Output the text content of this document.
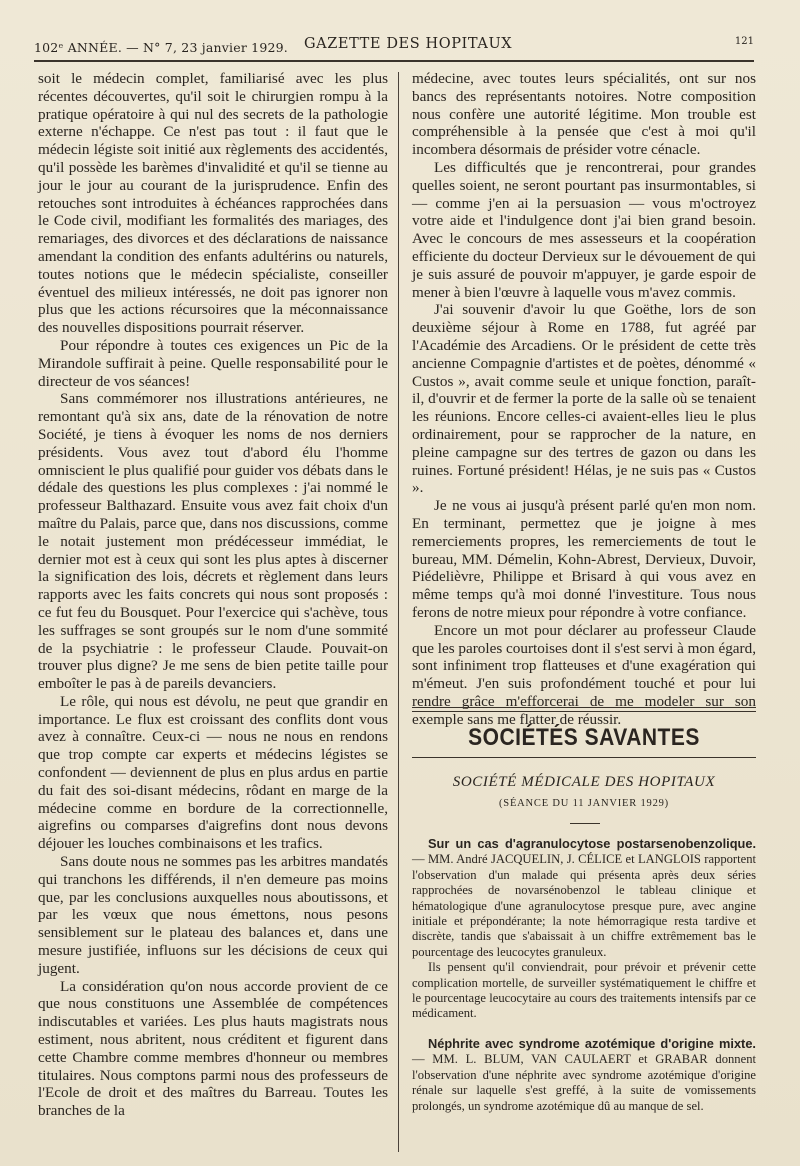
102ᵉ ANNÉE. — N° 7, 23 janvier 1929. GAZETTE DES HOPITAUX	121

soit le médecin complet, familiarisé avec les plus récentes découvertes, qu'il soit le chirurgien rompu à la pratique opératoire à qui nul des secrets de la pathologie externe n'échappe. Ce n'est pas tout : il faut que le médecin légiste soit initié aux règlements des accidentés, qu'il possède les barèmes d'invalidité et qu'il se tienne au jour le jour au courant de la jurisprudence. Enfin des retouches sont introduites à échéances rapprochées dans le Code civil, modifiant les formalités des mariages, des remariages, des divorces et des déclarations de naissance amendant la condition des enfants adultérins ou naturels, toutes notions que le médecin spécialiste, conseiller éventuel des milieux intéressés, ne doit pas ignorer non plus que les actions récursoires que la méconnaissance des nouvelles dispositions pourrait réserver.

Pour répondre à toutes ces exigences un Pic de la Mirandole suffirait à peine. Quelle responsabilité pour le directeur de vos séances!

Sans commémorer nos illustrations antérieures, ne remontant qu'à six ans, date de la rénovation de notre Société, je tiens à évoquer les noms de nos derniers présidents. Vous avez tout d'abord élu l'homme omniscient le plus qualifié pour guider vos débats dans le dédale des questions les plus complexes : j'ai nommé le professeur Balthazard. Ensuite vous avez fait choix d'un maître du Palais, parce que, dans nos discussions, comme le notait justement mon prédécesseur immédiat, le dernier mot est à ceux qui sont les plus aptes à discerner la signification des lois, décrets et règlement dans leurs rapports avec les faits concrets qui nous sont proposés : ce fut feu du Bousquet. Pour l'exercice qui s'achève, tous les suffrages se sont groupés sur le nom d'une sommité de la psychiatrie : le professeur Claude. Pouvait-on trouver plus digne? Je me sens de bien petite taille pour emboîter le pas à de pareils devanciers.

Le rôle, qui nous est dévolu, ne peut que grandir en importance. Le flux est croissant des conflits dont vous avez à connaître. Ceux-ci — nous ne nous en rendons que trop compte car experts et médecins légistes se confondent — deviennent de plus en plus ardus en partie du fait des soi-disant médecins, rôdant en marge de la médecine comme en bordure de la correctionnelle, aigrefins ou comparses d'aigrefins dont nous devons déjouer les louches combinaisons et les trafics.

Sans doute nous ne sommes pas les arbitres mandatés qui tranchons les différends, il n'en demeure pas moins que, par les conclusions auxquelles nous aboutissons, et par les vœux que nous émettons, nous pesons sensiblement sur le plateau des balances et, dans une mesure justifiée, influons sur les décisions de ceux qui jugent.

La considération qu'on nous accorde provient de ce que nous constituons une Assemblée de compétences indiscutables et variées. Les plus hauts magistrats nous estiment, nous abritent, nous créditent et figurent dans cette Chambre comme membres d'honneur ou membres titulaires. Nous comptons parmi nous des professeurs de l'Ecole de droit et des maîtres du Barreau. Toutes les branches de la

médecine, avec toutes leurs spécialités, ont sur nos bancs des représentants notoires. Notre composition nous confère une autorité légitime. Mon trouble est compréhensible à la pensée que c'est à moi qu'il incombera désormais de présider votre cénacle.

Les difficultés que je rencontrerai, pour grandes quelles soient, ne seront pourtant pas insurmontables, si — comme j'en ai la persuasion — vous m'octroyez votre aide et l'indulgence dont j'ai bien grand besoin. Avec le concours de mes assesseurs et la coopération efficiente du docteur Dervieux sur le dévouement de qui je suis assuré de pouvoir m'appuyer, je garde espoir de mener à bien l'œuvre à laquelle vous m'avez commis.

J'ai souvenir d'avoir lu que Goëthe, lors de son deuxième séjour à Rome en 1788, fut agréé par l'Académie des Arcadiens. Or le président de cette très ancienne Compagnie d'artistes et de poètes, dénommé « Custos », avait comme seule et unique fonction, paraît-il, d'ouvrir et de fermer la porte de la salle où se tenaient les réunions. Encore celles-ci avaient-elles lieu le plus ordinairement, pour se rapprocher de la nature, en pleine campagne sur des tertres de gazon ou dans les ruines. Fortuné président! Hélas, je ne suis pas « Custos ».

Je ne vous ai jusqu'à présent parlé qu'en mon nom. En terminant, permettez que je joigne à mes remerciements propres, les remerciements de tout le bureau, MM. Démelin, Kohn-Abrest, Dervieux, Duvoir, Piédelièvre, Philippe et Brisard à qui vous avez en même temps qu'à moi donné l'investiture. Tous nous ferons de notre mieux pour répondre à votre confiance.

Encore un mot pour déclarer au professeur Claude que les paroles courtoises dont il s'est servi à mon égard, sont infiniment trop flatteuses et d'une exagération qui m'émeut. J'en suis profondément touché et pour lui rendre grâce m'efforcerai de me modeler sur son exemple sans me flatter de réussir.

SOCIÉTÉS SAVANTES
SOCIÉTÉ MÉDICALE DES HOPITAUX
(SÉANCE DU 11 JANVIER 1929)

Sur un cas d'agranulocytose postarsenobenzolique. — MM. André JACQUELIN, J. CÉLICE et LANGLOIS rapportent l'observation d'un malade qui présenta après deux séries rapprochées de novarsénobenzol le tableau clinique et hématologique d'une agranulocytose presque pure, avec angine initiale et prépondérante; la note hémorragique resta tardive et discrète, tandis que s'abaissait à un chiffre extrêmement bas le pourcentage des leucocytes granuleux.

Ils pensent qu'il conviendrait, pour prévoir et prévenir cette complication mortelle, de surveiller systématiquement le chiffre et le pourcentage leucocytaire au cours des traitements intensifs par ce médicament.

Néphrite avec syndrome azotémique d'origine mixte. — MM. L. BLUM, VAN CAULAERT et GRABAR donnent l'observation d'une néphrite avec syndrome azotémique d'origine rénale sur laquelle s'est greffé, à la suite de vomissements prolongés, un syndrome azotémique dû au manque de sel.
